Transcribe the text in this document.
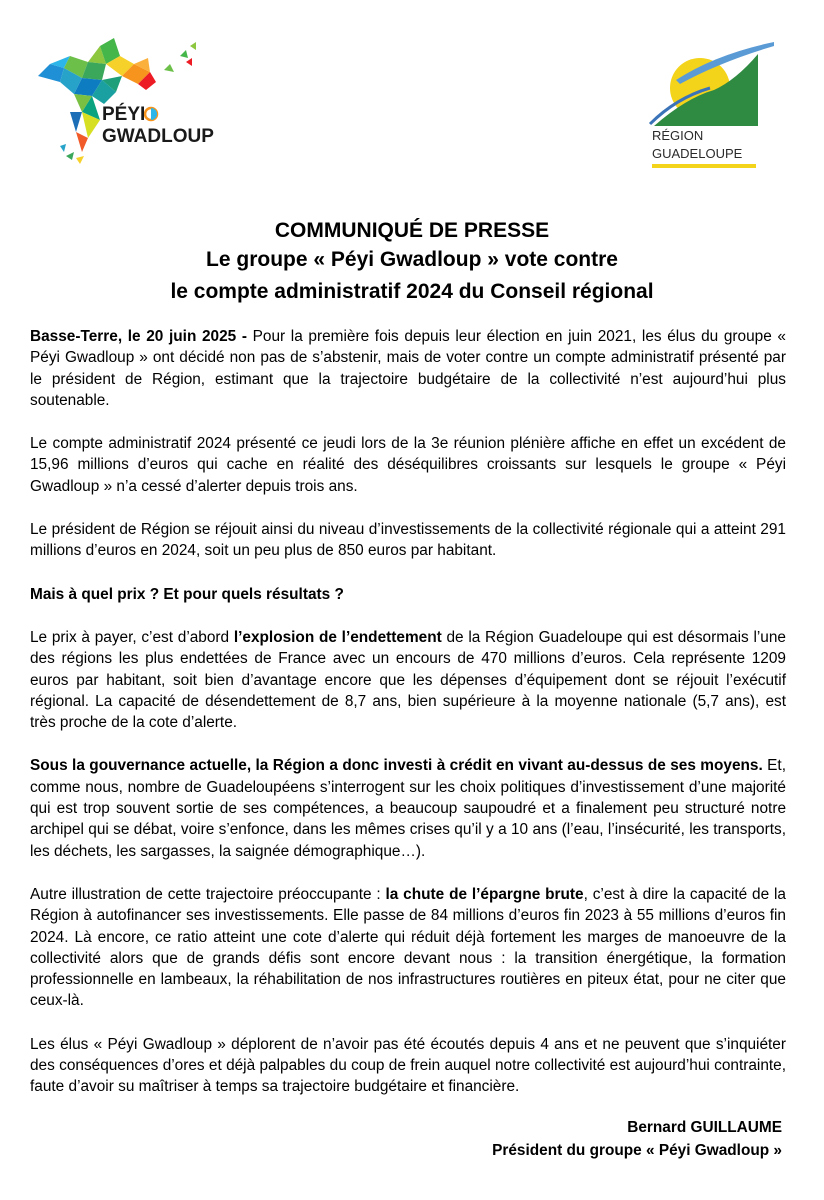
PÉYI
GWADLOUP	RÉGION
GUADELOUPE
COMMUNIQUÉ DE PRESSE
Le groupe « Péyi Gwadloup » vote contre
le compte administratif 2024 du Conseil régional

Basse-Terre, le 20 juin 2025 - Pour la première fois depuis leur élection en juin 2021, les élus du groupe « Péyi Gwadloup » ont décidé non pas de s’abstenir, mais de voter contre un compte administratif présenté par le président de Région, estimant que la trajectoire budgétaire de la collectivité n’est aujourd’hui plus soutenable.

Le compte administratif 2024 présenté ce jeudi lors de la 3e réunion plénière affiche en effet un excédent de 15,96 millions d’euros qui cache en réalité des déséquilibres croissants sur lesquels le groupe « Péyi Gwadloup » n’a cessé d’alerter depuis trois ans.

Le président de Région se réjouit ainsi du niveau d’investissements de la collectivité régionale qui a atteint 291 millions d’euros en 2024, soit un peu plus de 850 euros par habitant.

Mais à quel prix ? Et pour quels résultats ?

Le prix à payer, c’est d’abord l’explosion de l’endettement de la Région Guadeloupe qui est désormais l’une des régions les plus endettées de France avec un encours de 470 millions d’euros. Cela représente 1209 euros par habitant, soit bien d’avantage encore que les dépenses d’équipement dont se réjouit l’exécutif régional. La capacité de désendettement de 8,7 ans, bien supérieure à la moyenne nationale (5,7 ans), est très proche de la cote d’alerte.

Sous la gouvernance actuelle, la Région a donc investi à crédit en vivant au-dessus de ses moyens. Et, comme nous, nombre de Guadeloupéens s’interrogent sur les choix politiques d’investissement d’une majorité qui est trop souvent sortie de ses compétences, a beaucoup saupoudré et a finalement peu structuré notre archipel qui se débat, voire s’enfonce, dans les mêmes crises qu’il y a 10 ans (l’eau, l’insécurité, les transports, les déchets, les sargasses, la saignée démographique…).

Autre illustration de cette trajectoire préoccupante : la chute de l’épargne brute, c’est à dire la capacité de la Région à autofinancer ses investissements. Elle passe de 84 millions d’euros fin 2023 à 55 millions d’euros fin 2024. Là encore, ce ratio atteint une cote d’alerte qui réduit déjà fortement les marges de manoeuvre de la collectivité alors que de grands défis sont encore devant nous : la transition énergétique, la formation professionnelle en lambeaux, la réhabilitation de nos infrastructures routières en piteux état, pour ne citer que ceux-là.

Les élus « Péyi Gwadloup » déplorent de n’avoir pas été écoutés depuis 4 ans et ne peuvent que s’inquiéter des conséquences d’ores et déjà palpables du coup de frein auquel notre collectivité est aujourd’hui contrainte, faute d’avoir su maîtriser à temps sa trajectoire budgétaire et financière.

Bernard GUILLAUME
Président du groupe « Péyi Gwadloup »
